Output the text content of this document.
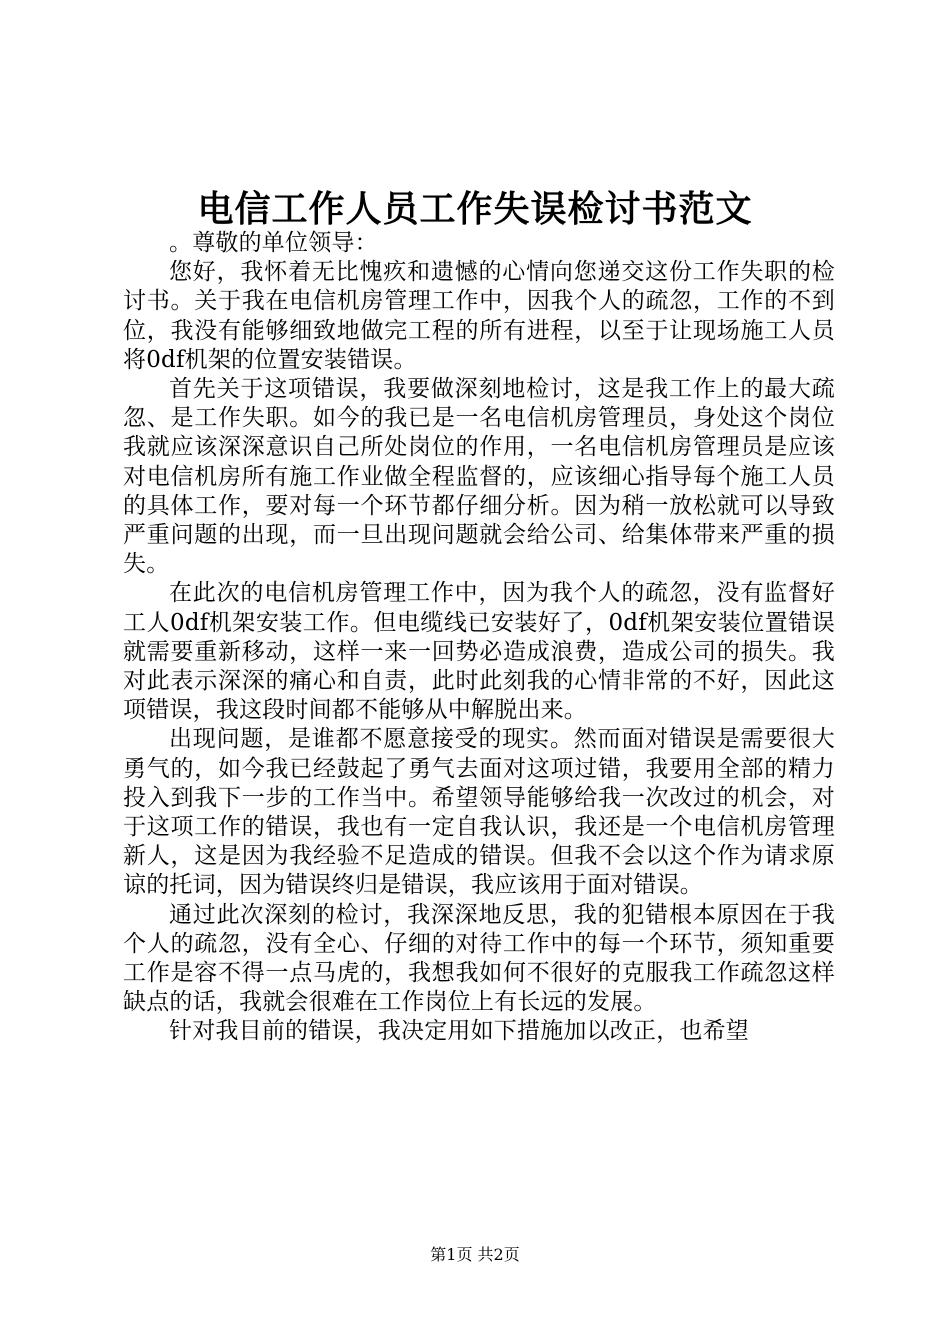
电信工作人员工作失误检讨书范文

。尊敬的单位领导：

您好，我怀着无比愧疚和遗憾的心情向您递交这份工作失职的检讨书。关于我在电信机房管理工作中，因我个人的疏忽，工作的不到位，我没有能够细致地做完工程的所有进程，以至于让现场施工人员将0df机架的位置安装错误。

首先关于这项错误，我要做深刻地检讨，这是我工作上的最大疏忽、是工作失职。如今的我已是一名电信机房管理员，身处这个岗位我就应该深深意识自己所处岗位的作用，一名电信机房管理员是应该对电信机房所有施工作业做全程监督的，应该细心指导每个施工人员的具体工作，要对每一个环节都仔细分析。因为稍一放松就可以导致严重问题的出现，而一旦出现问题就会给公司、给集体带来严重的损失。

在此次的电信机房管理工作中，因为我个人的疏忽，没有监督好工人0df机架安装工作。但电缆线已安装好了，0df机架安装位置错误就需要重新移动，这样一来一回势必造成浪费，造成公司的损失。我对此表示深深的痛心和自责，此时此刻我的心情非常的不好，因此这项错误，我这段时间都不能够从中解脱出来。

出现问题，是谁都不愿意接受的现实。然而面对错误是需要很大勇气的，如今我已经鼓起了勇气去面对这项过错，我要用全部的精力投入到我下一步的工作当中。希望领导能够给我一次改过的机会，对于这项工作的错误，我也有一定自我认识，我还是一个电信机房管理新人，这是因为我经验不足造成的错误。但我不会以这个作为请求原谅的托词，因为错误终归是错误，我应该用于面对错误。

通过此次深刻的检讨，我深深地反思，我的犯错根本原因在于我个人的疏忽，没有全心、仔细的对待工作中的每一个环节，须知重要工作是容不得一点马虎的，我想我如何不很好的克服我工作疏忽这样缺点的话，我就会很难在工作岗位上有长远的发展。

针对我目前的错误，我决定用如下措施加以改正，也希望

第1页 共2页
